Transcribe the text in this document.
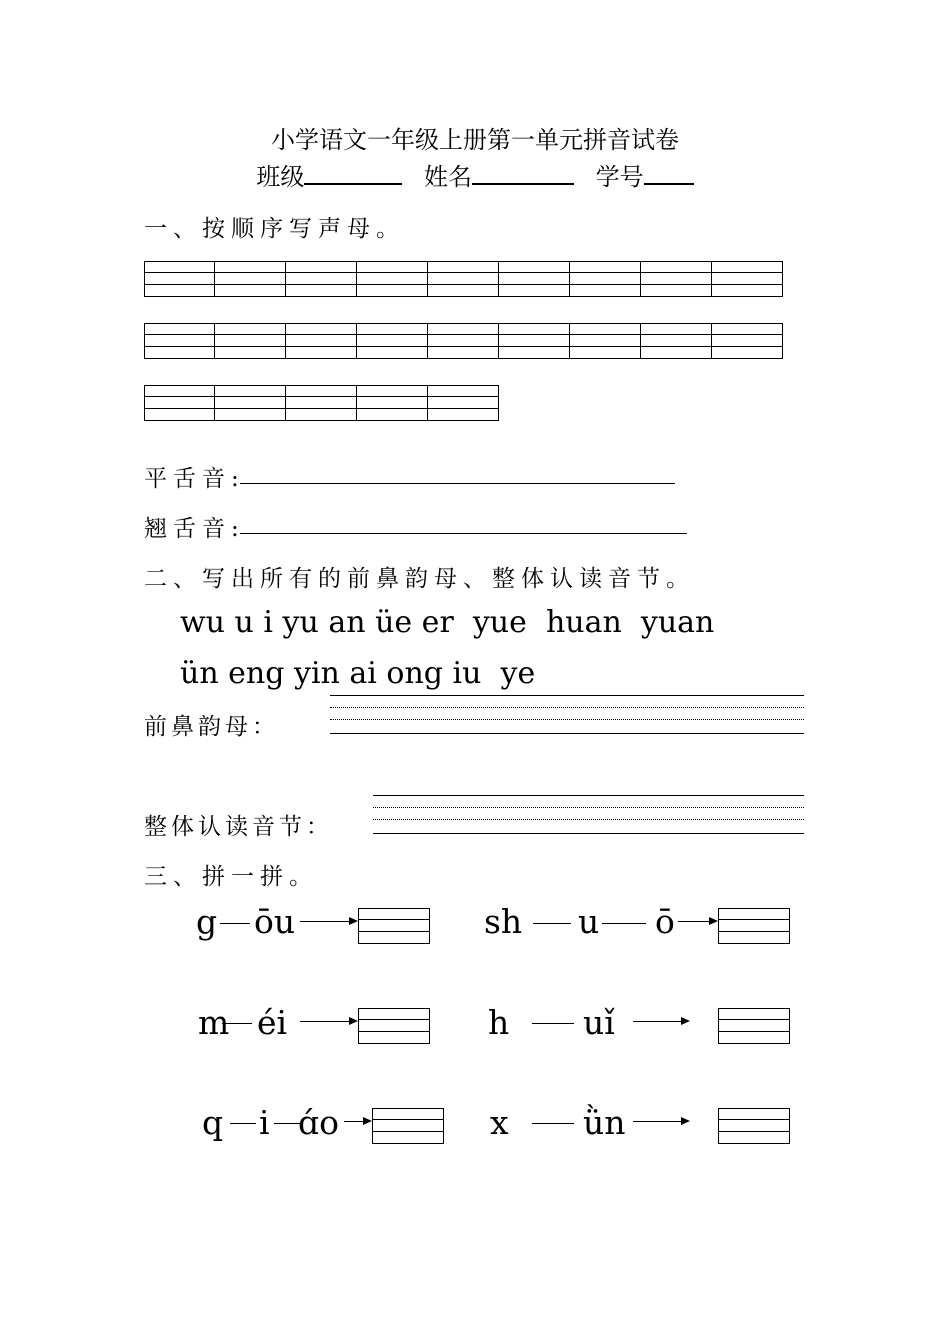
小学语文一年级上册第一单元拼音试卷
班级	姓名	学号
一、按顺序写声母。
平舌音:
翘舌音:
二、写出所有的前鼻韵母、整体认读音节。
wu u i yu an üe er  yue  huan  yuan
ün eng yin ai ong iu  ye
前鼻韵母：
整体认读音节：
三、拼一拼。
g ōu	sh u ō
m éi	h uǐ
q i ɑ́o	x ǜn
